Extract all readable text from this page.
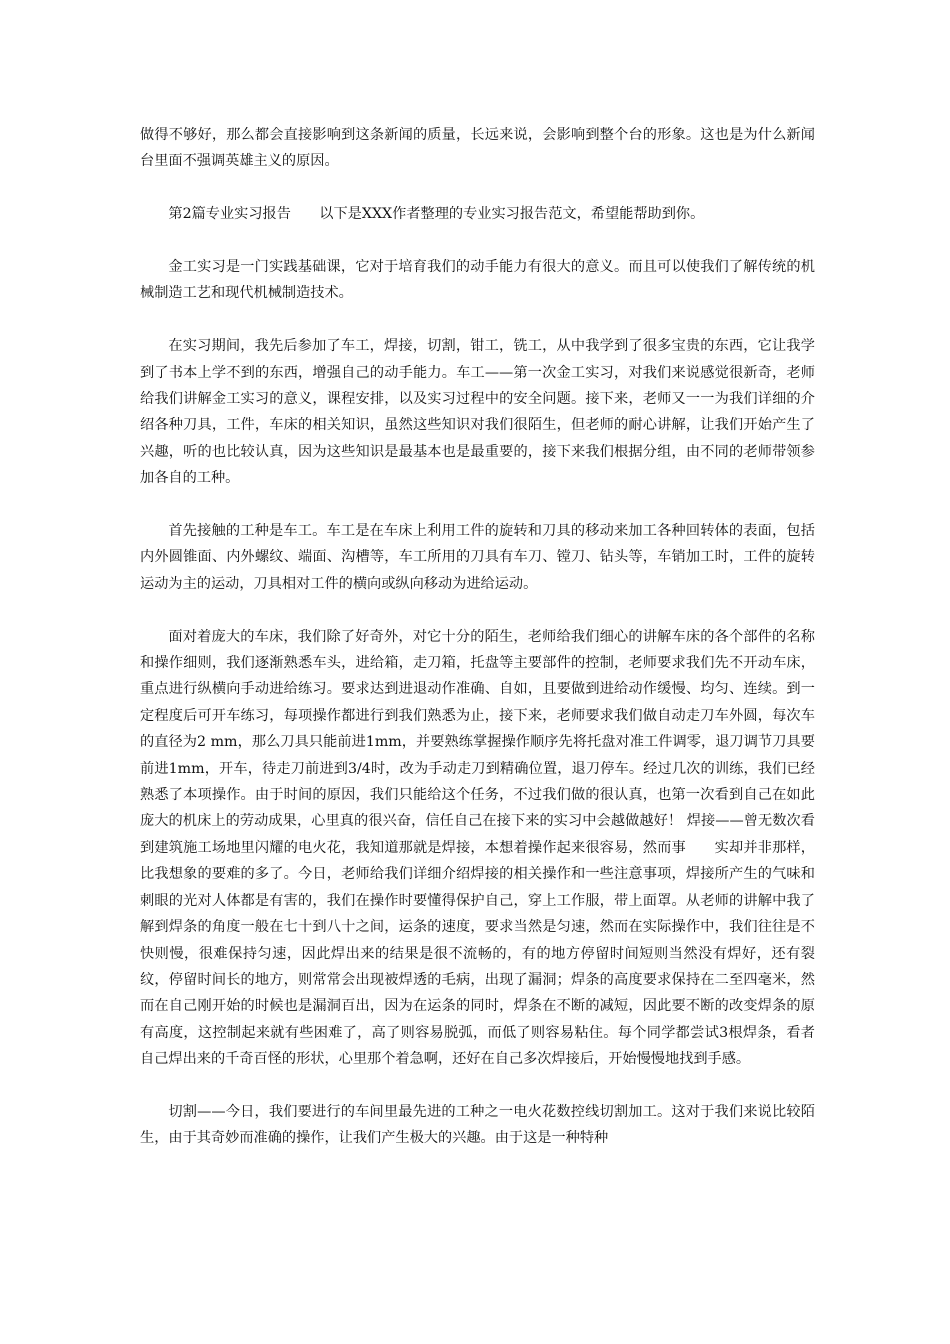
做得不够好，那么都会直接影响到这条新闻的质量，长远来说，会影响到整个台的形象。这也是为什么新闻台里面不强调英雄主义的原因。

第2篇专业实习报告　　以下是XXX作者整理的专业实习报告范文，希望能帮助到你。

金工实习是一门实践基础课，它对于培育我们的动手能力有很大的意义。而且可以使我们了解传统的机械制造工艺和现代机械制造技术。

在实习期间，我先后参加了车工，焊接，切割，钳工，铣工，从中我学到了很多宝贵的东西，它让我学到了书本上学不到的东西，增强自己的动手能力。车工——第一次金工实习，对我们来说感觉很新奇，老师给我们讲解金工实习的意义，课程安排，以及实习过程中的安全问题。接下来，老师又一一为我们详细的介绍各种刀具，工件，车床的相关知识，虽然这些知识对我们很陌生，但老师的耐心讲解，让我们开始产生了兴趣，听的也比较认真，因为这些知识是最基本也是最重要的，接下来我们根据分组，由不同的老师带领参加各自的工种。

首先接触的工种是车工。车工是在车床上利用工件的旋转和刀具的移动来加工各种回转体的表面，包括内外圆锥面、内外螺纹、端面、沟槽等，车工所用的刀具有车刀、镗刀、钻头等，车销加工时，工件的旋转运动为主的运动，刀具相对工件的横向或纵向移动为进给运动。

面对着庞大的车床，我们除了好奇外，对它十分的陌生，老师给我们细心的讲解车床的各个部件的名称和操作细则，我们逐渐熟悉车头，进给箱，走刀箱，托盘等主要部件的控制，老师要求我们先不开动车床，重点进行纵横向手动进给练习。要求达到进退动作准确、自如，且要做到进给动作缓慢、均匀、连续。到一定程度后可开车练习，每项操作都进行到我们熟悉为止，接下来，老师要求我们做自动走刀车外圆，每次车的直径为2 mm，那么刀具只能前进1mm，并要熟练掌握操作顺序先将托盘对准工件调零，退刀调节刀具要前进1mm，开车，待走刀前进到3/4时，改为手动走刀到精确位置，退刀停车。经过几次的训练，我们已经熟悉了本项操作。由于时间的原因，我们只能给这个任务，不过我们做的很认真，也第一次看到自己在如此庞大的机床上的劳动成果，心里真的很兴奋，信任自己在接下来的实习中会越做越好！ 焊接——曾无数次看到建筑施工场地里闪耀的电火花，我知道那就是焊接，本想着操作起来很容易，然而事　　实却并非那样，比我想象的要难的多了。今日，老师给我们详细介绍焊接的相关操作和一些注意事项，焊接所产生的气味和刺眼的光对人体都是有害的，我们在操作时要懂得保护自己，穿上工作服，带上面罩。从老师的讲解中我了解到焊条的角度一般在七十到八十之间，运条的速度，要求当然是匀速，然而在实际操作中，我们往往是不快则慢，很难保持匀速，因此焊出来的结果是很不流畅的，有的地方停留时间短则当然没有焊好，还有裂纹，停留时间长的地方，则常常会出现被焊透的毛病，出现了漏洞；焊条的高度要求保持在二至四毫米，然而在自己刚开始的时候也是漏洞百出，因为在运条的同时，焊条在不断的减短，因此要不断的改变焊条的原有高度，这控制起来就有些困难了，高了则容易脱弧，而低了则容易粘住。每个同学都尝试3根焊条，看者自己焊出来的千奇百怪的形状，心里那个着急啊，还好在自己多次焊接后，开始慢慢地找到手感。

切割——今日，我们要进行的车间里最先进的工种之一电火花数控线切割加工。这对于我们来说比较陌生，由于其奇妙而准确的操作，让我们产生极大的兴趣。由于这是一种特种
